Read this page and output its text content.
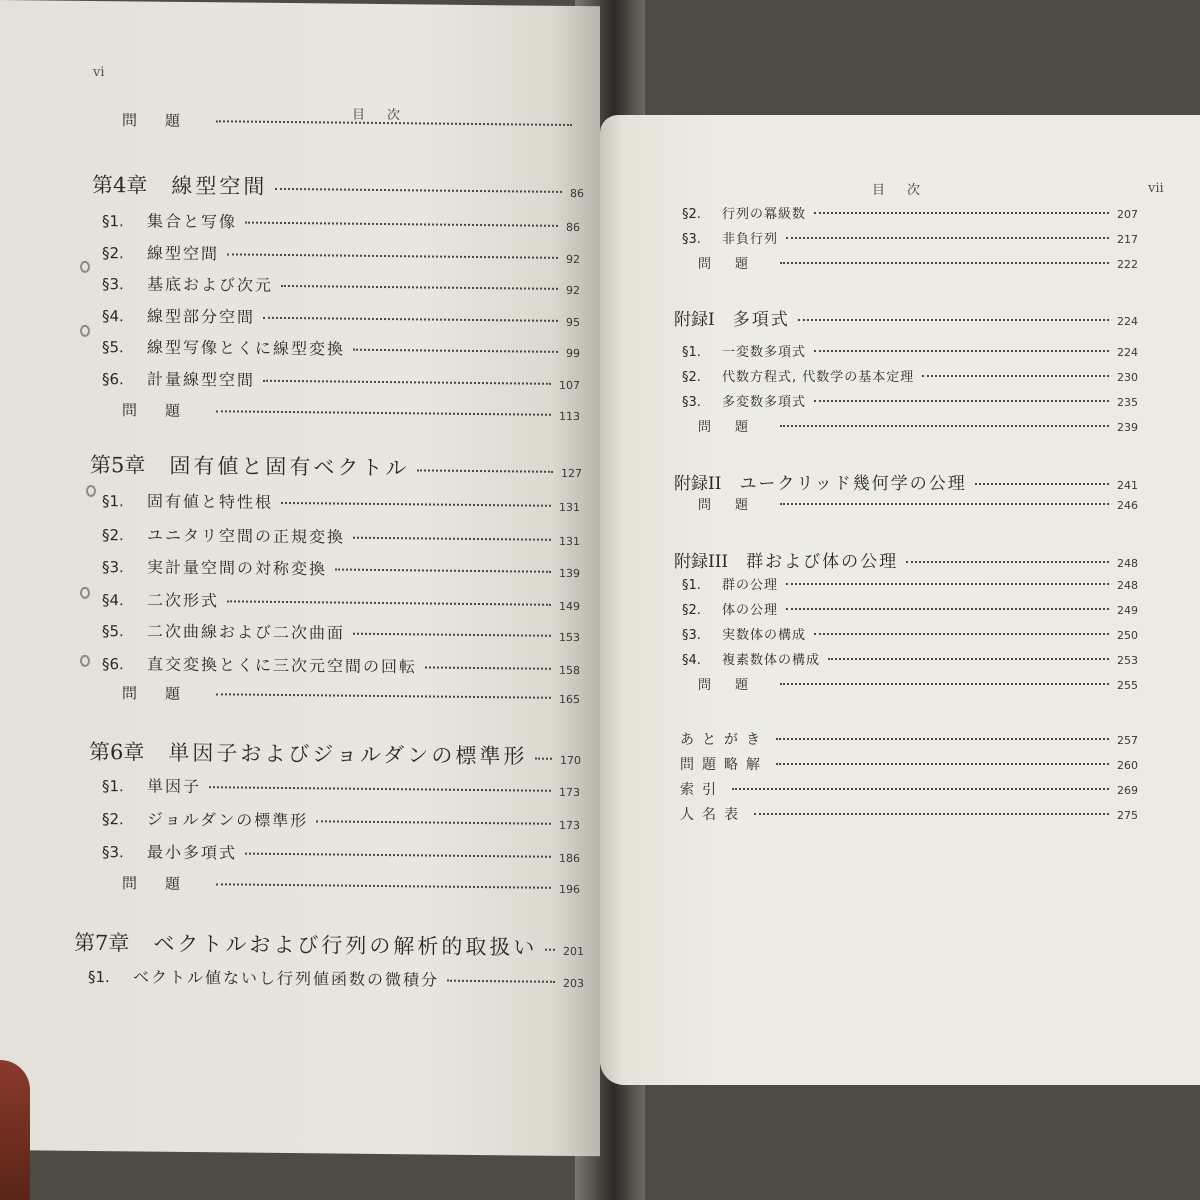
vi
目次
問題
第4章 線型空間	86
§1.	集合と写像	86
§2.	線型空間	92
§3.	基底および次元	92
§4.	線型部分空間	95
§5.	線型写像とくに線型変換	99
§6.	計量線型空間	107
問題	113
第5章 固有値と固有ベクトル	127
§1.	固有値と特性根	131
§2.	ユニタリ空間の正規変換	131
§3.	実計量空間の対称変換	139
§4.	二次形式	149
§5.	二次曲線および二次曲面	153
§6.	直交変換とくに三次元空間の回転	158
問題	165
第6章 単因子およびジョルダンの標準形	170
§1.	単因子	173
§2.	ジョルダンの標準形	173
§3.	最小多項式	186
問題	196
第7章 ベクトルおよび行列の解析的取扱い 201
§1.	ベクトル値ないし行列値函数の微積分	203
目次	vii
§2.	行列の冪級数	207
§3.	非負行列	217
問題	222
附録I 多項式	224
§1.	一変数多項式	224
§2.	代数方程式, 代数学の基本定理	230
§3.	多変数多項式	235
問題	239
附録II ユークリッド幾何学の公理	241
問題	246
附録III 群および体の公理	248
§1.	群の公理	248
§2.	体の公理	249
§3.	実数体の構成	250
§4.	複素数体の構成	253
問題	255
あとがき	257
問題略解	260
索引	269
人名表	275
